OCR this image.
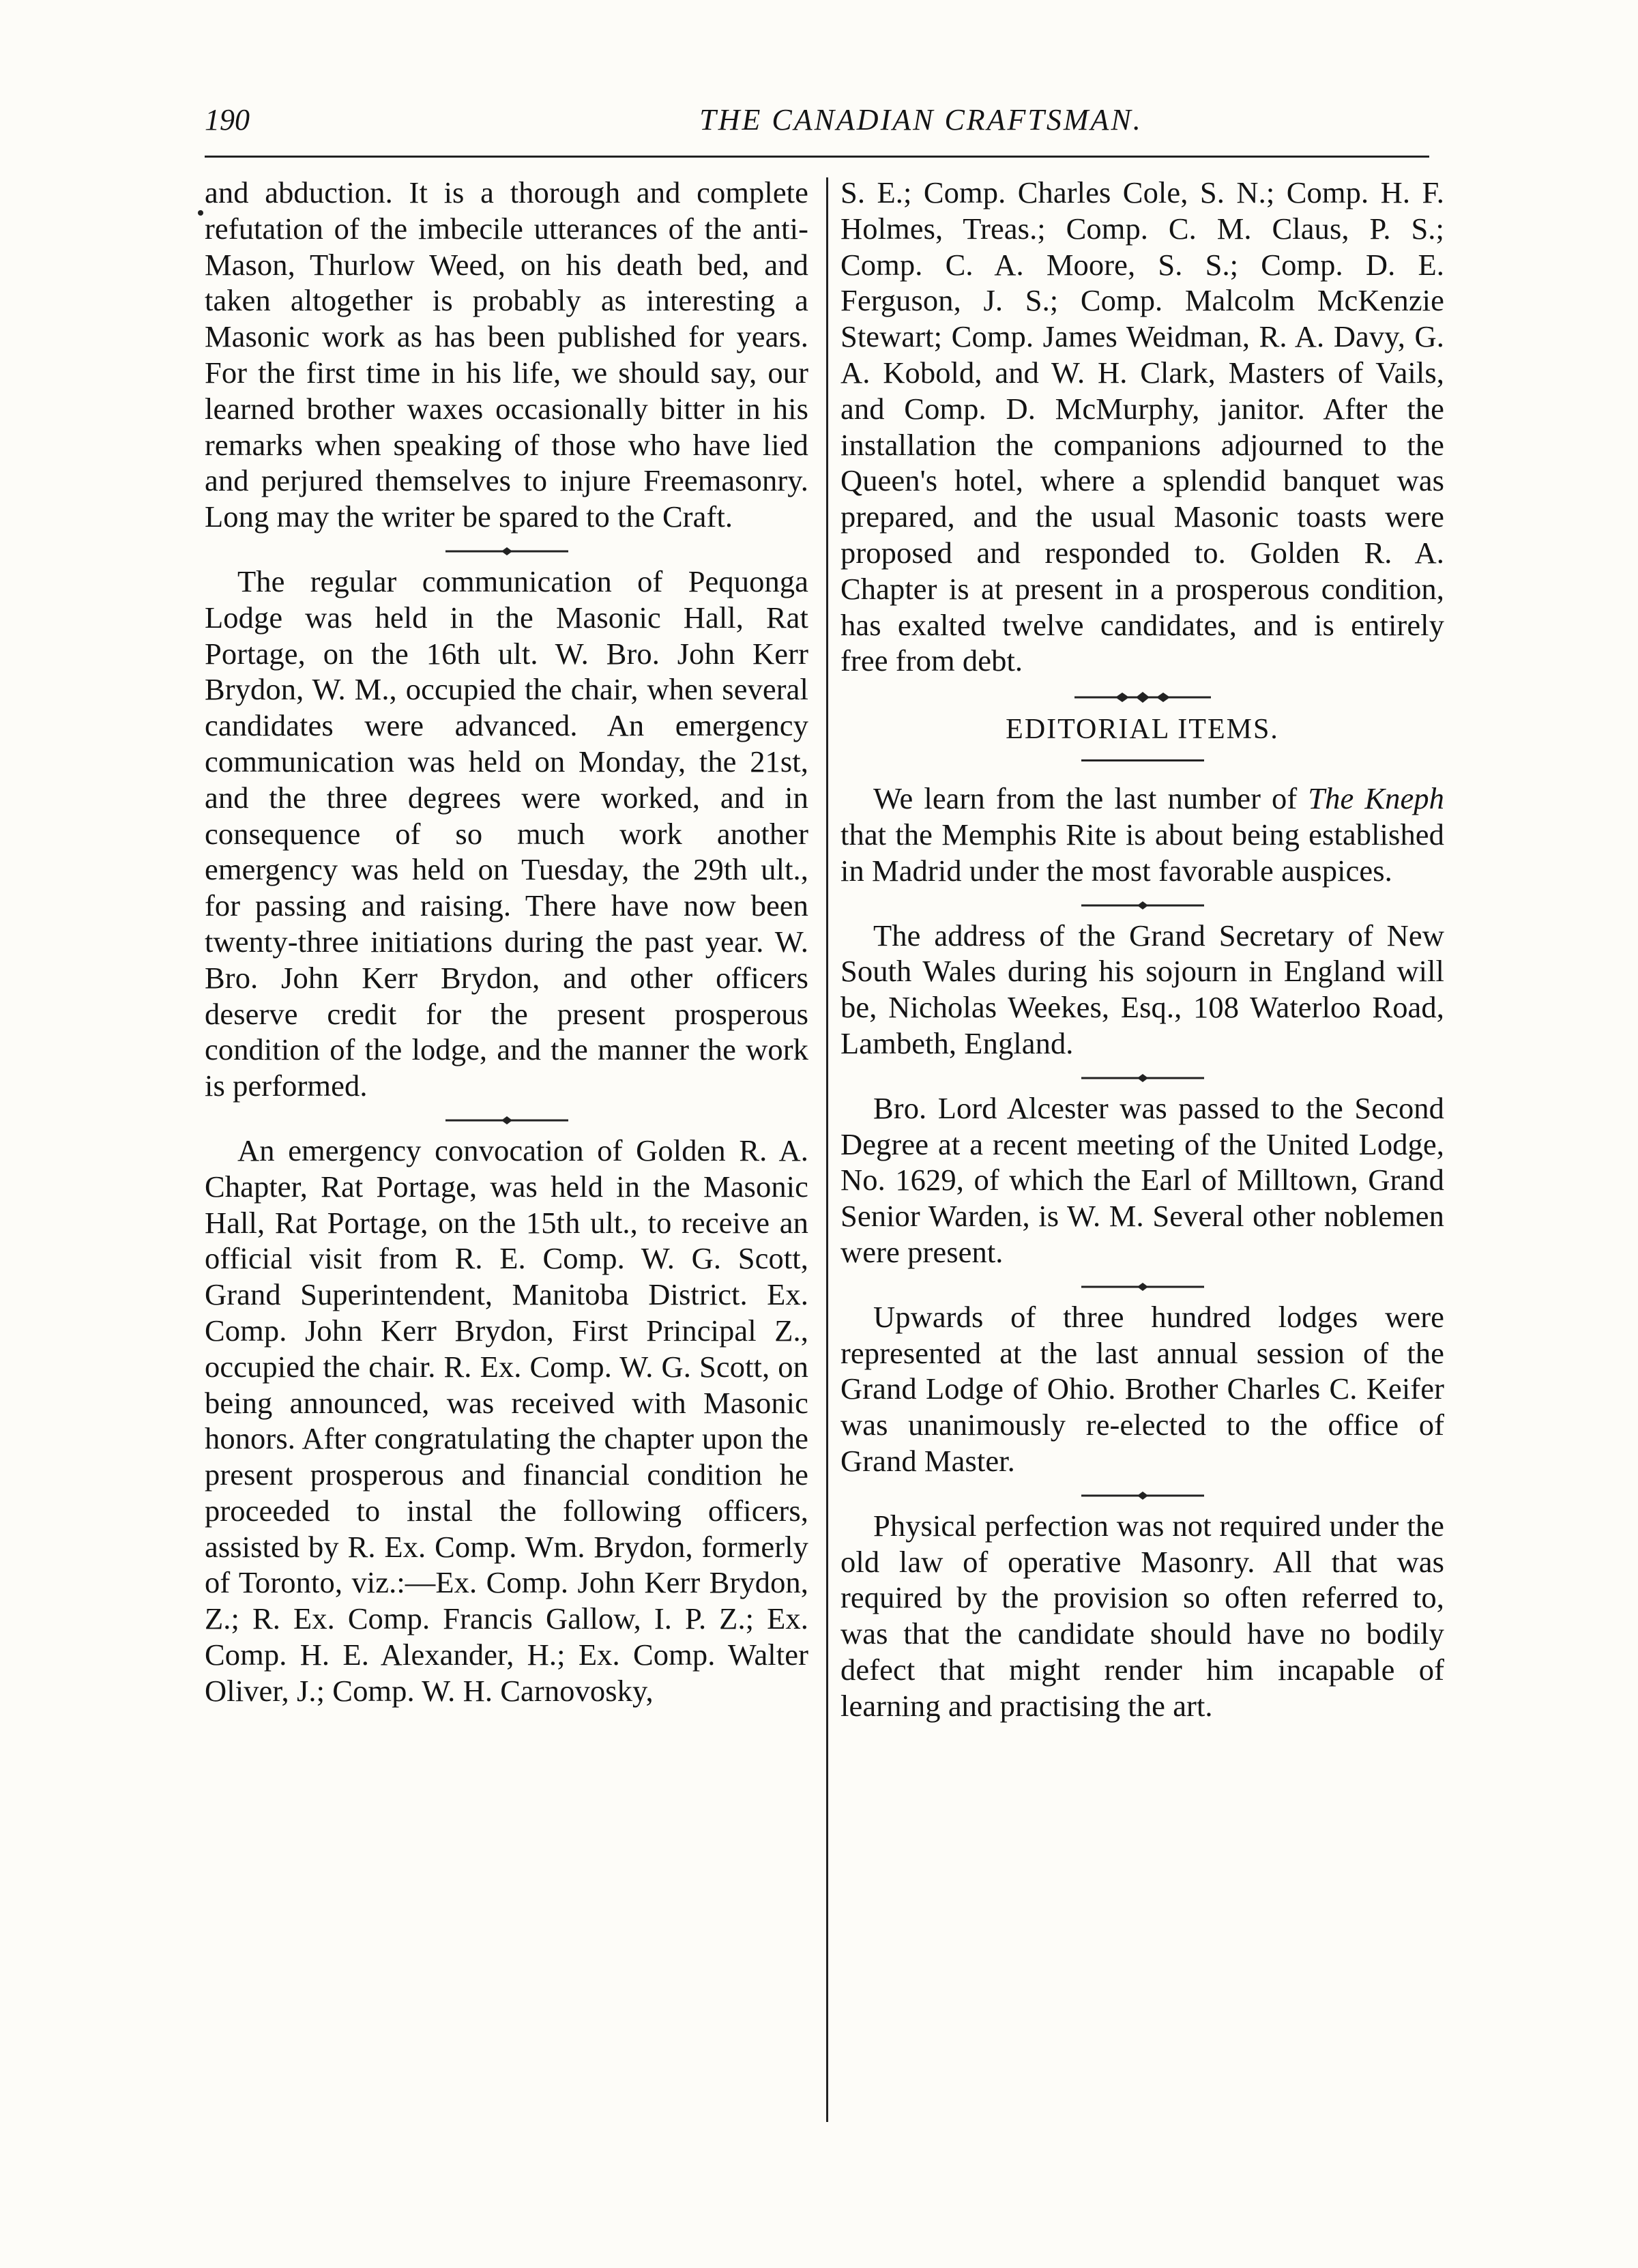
190	THE CANADIAN CRAFTSMAN.

and abduction. It is a thorough and complete refutation of the imbecile utterances of the anti-Mason, Thurlow Weed, on his death bed, and taken altogether is probably as interesting a Masonic work as has been published for years. For the first time in his life, we should say, our learned brother waxes occasionally bitter in his remarks when speaking of those who have lied and perjured themselves to injure Freemasonry. Long may the writer be spared to the Craft.

The regular communication of Pequonga Lodge was held in the Masonic Hall, Rat Portage, on the 16th ult. W. Bro. John Kerr Brydon, W. M., occupied the chair, when several candidates were advanced. An emergency communication was held on Monday, the 21st, and the three degrees were worked, and in consequence of so much work another emergency was held on Tuesday, the 29th ult., for passing and raising. There have now been twenty-three initiations during the past year. W. Bro. John Kerr Brydon, and other officers deserve credit for the present prosperous condition of the lodge, and the manner the work is performed.

An emergency convocation of Golden R. A. Chapter, Rat Portage, was held in the Masonic Hall, Rat Portage, on the 15th ult., to receive an official visit from R. E. Comp. W. G. Scott, Grand Superintendent, Manitoba District. Ex. Comp. John Kerr Brydon, First Principal Z., occupied the chair. R. Ex. Comp. W. G. Scott, on being announced, was received with Masonic honors. After congratulating the chapter upon the present prosperous and financial condition he proceeded to instal the following officers, assisted by R. Ex. Comp. Wm. Brydon, formerly of Toronto, viz.:—Ex. Comp. John Kerr Brydon, Z.; R. Ex. Comp. Francis Gallow, I. P. Z.; Ex. Comp. H. E. Alexander, H.; Ex. Comp. Walter Oliver, J.; Comp. W. H. Carnovosky,

S. E.; Comp. Charles Cole, S. N.; Comp. H. F. Holmes, Treas.; Comp. C. M. Claus, P. S.; Comp. C. A. Moore, S. S.; Comp. D. E. Ferguson, J. S.; Comp. Malcolm McKenzie Stewart; Comp. James Weidman, R. A. Davy, G. A. Kobold, and W. H. Clark, Masters of Vails, and Comp. D. McMurphy, janitor. After the installation the companions adjourned to the Queen's hotel, where a splendid banquet was prepared, and the usual Masonic toasts were proposed and responded to. Golden R. A. Chapter is at present in a prosperous condition, has exalted twelve candidates, and is entirely free from debt.

EDITORIAL ITEMS.

We learn from the last number of The Kneph that the Memphis Rite is about being established in Madrid under the most favorable auspices.

The address of the Grand Secretary of New South Wales during his sojourn in England will be, Nicholas Weekes, Esq., 108 Waterloo Road, Lambeth, England.

Bro. Lord Alcester was passed to the Second Degree at a recent meeting of the United Lodge, No. 1629, of which the Earl of Milltown, Grand Senior Warden, is W. M. Several other noblemen were present.

Upwards of three hundred lodges were represented at the last annual session of the Grand Lodge of Ohio. Brother Charles C. Keifer was unanimously re-elected to the office of Grand Master.

Physical perfection was not required under the old law of operative Masonry. All that was required by the provision so often referred to, was that the candidate should have no bodily defect that might render him incapable of learning and practising the art.
